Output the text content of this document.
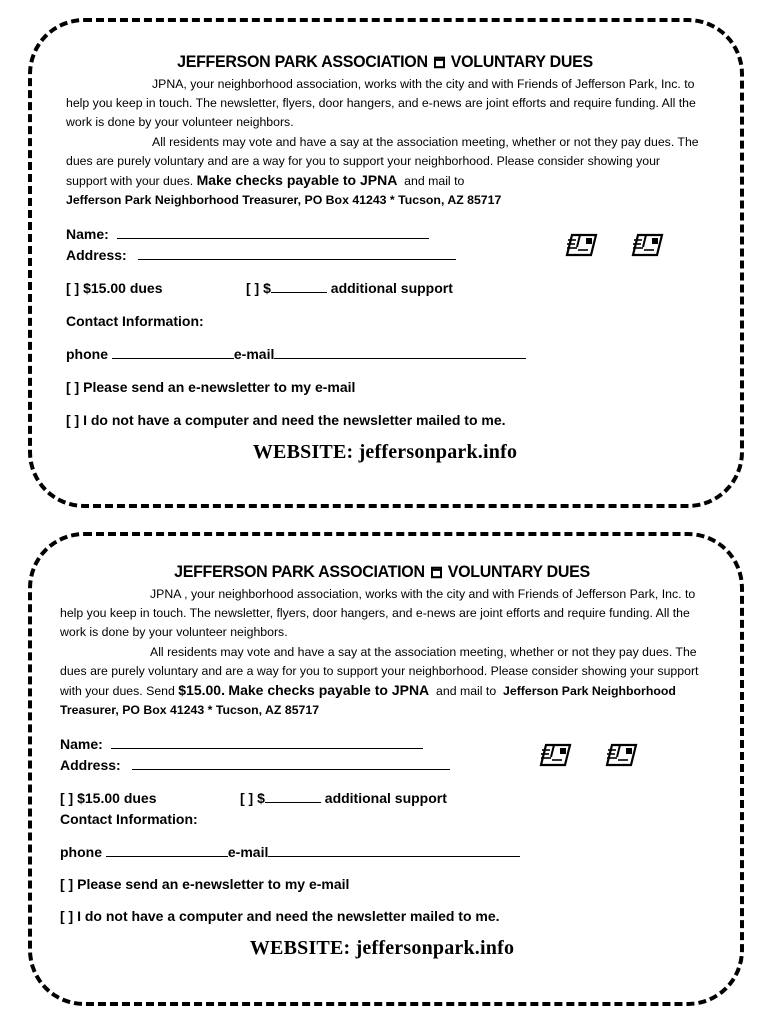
JEFFERSON PARK ASSOCIATION VOLUNTARY DUES

JPNA, your neighborhood association, works with the city and with Friends of Jefferson Park, Inc. to help you keep in touch. The newsletter, flyers, door hangers, and e-news are joint efforts and require funding. All the work is done by your volunteer neighbors.

All residents may vote and have a say at the association meeting, whether or not they pay dues. The dues are purely voluntary and are a way for you to support your neighborhood. Please consider showing your support with your dues. Make checks payable to JPNA and mail to
Jefferson Park Neighborhood Treasurer, PO Box 41243 * Tucson, AZ 85717

Name:
Address:
[ ] $15.00 dues	[ ] $	additional support
Contact Information:
phone	e-mail
[ ] Please send an e-newsletter to my e-mail
[ ] I do not have a computer and need the newsletter mailed to me.
WEBSITE: jeffersonpark.info
JEFFERSON PARK ASSOCIATION VOLUNTARY DUES

JPNA , your neighborhood association, works with the city and with Friends of Jefferson Park, Inc. to help you keep in touch. The newsletter, flyers, door hangers, and e-news are joint efforts and require funding. All the work is done by your volunteer neighbors.

All residents may vote and have a say at the association meeting, whether or not they pay dues. The dues are purely voluntary and are a way for you to support your neighborhood. Please consider showing your support with your dues. Send $15.00. Make checks payable to JPNA and mail to Jefferson Park Neighborhood Treasurer, PO Box 41243 * Tucson, AZ 85717

Name:
Address:
[ ] $15.00 dues	[ ] $	additional support
Contact Information:
phone	e-mail
[ ] Please send an e-newsletter to my e-mail
[ ] I do not have a computer and need the newsletter mailed to me.
WEBSITE: jeffersonpark.info
